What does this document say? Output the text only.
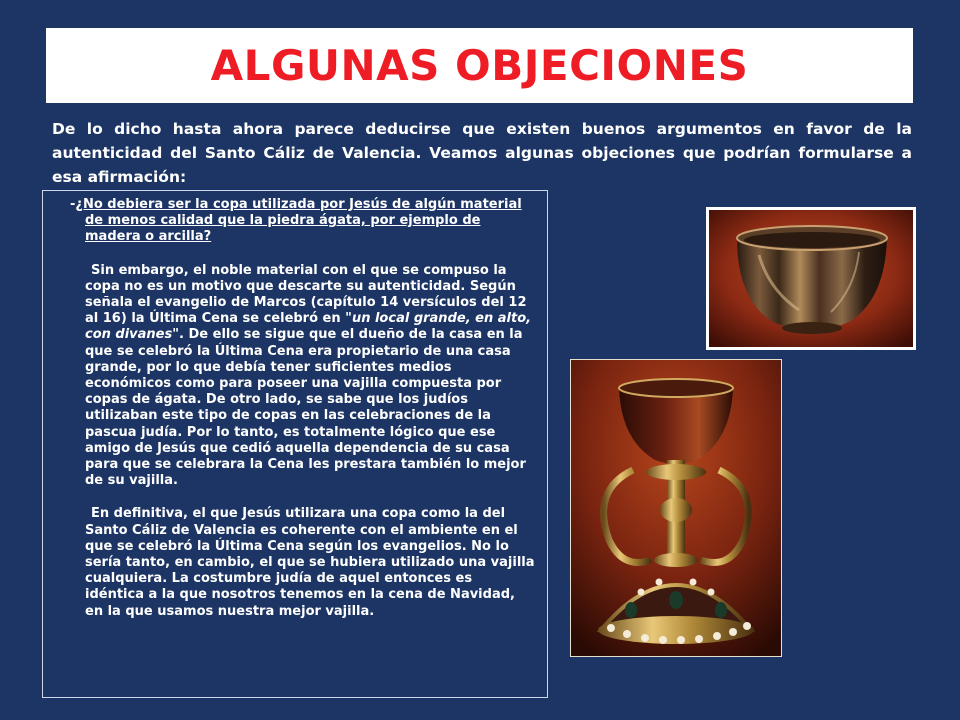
ALGUNAS OBJECIONES

De lo dicho hasta ahora parece deducirse que existen buenos argumentos en favor de la autenticidad del Santo Cáliz de Valencia. Veamos algunas objeciones que podrían formularse a esa afirmación:

-¿No debiera ser la copa utilizada por Jesús de algún material de menos calidad que la piedra ágata, por ejemplo de madera o arcilla?

Sin embargo, el noble material con el que se compuso la copa no es un motivo que descarte su autenticidad. Según señala el evangelio de Marcos (capítulo 14 versículos del 12 al 16) la Última Cena se celebró en "un local grande, en alto, con divanes". De ello se sigue que el dueño de la casa en la que se celebró la Última Cena era propietario de una casa grande, por lo que debía tener suficientes medios económicos como para poseer una vajilla compuesta por copas de ágata. De otro lado, se sabe que los judíos utilizaban este tipo de copas en las celebraciones de la pascua judía. Por lo tanto, es totalmente lógico que ese amigo de Jesús que cedió aquella dependencia de su casa para que se celebrara la Cena les prestara también lo mejor de su vajilla.

En definitiva, el que Jesús utilizara una copa como la del Santo Cáliz de Valencia es coherente con el ambiente en el que se celebró la Última Cena según los evangelios. No lo sería tanto, en cambio, el que se hubiera utilizado una vajilla cualquiera. La costumbre judía de aquel entonces es idéntica a la que nosotros tenemos en la cena de Navidad, en la que usamos nuestra mejor vajilla.
